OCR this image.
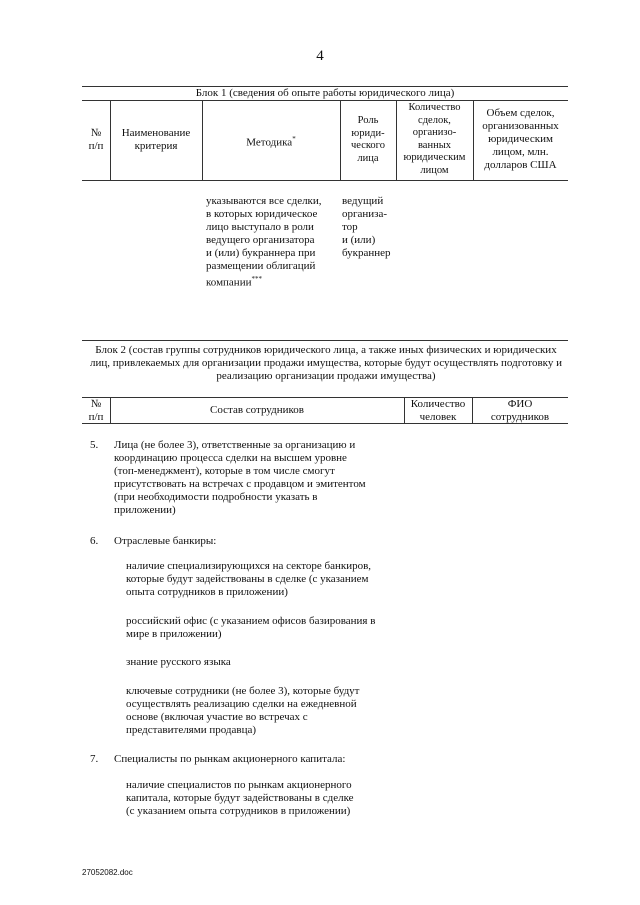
4
Блок 1 (сведения об опыте работы юридического лица)
№
п/п
Наименование
критерия	Методика*
Роль
юриди-
ческого
лица
Количество
сделок,
организо-
ванных
юридическим
лицом
Объем сделок,
организованных
юридическим
лицом, млн.
долларов США
указываются все сделки,
в которых юридическое
лицо выступало в роли
ведущего организатора
и (или) букраннера при
размещении облигаций
компании***
ведущий
организа-
тор
и (или)
букраннер
Блок 2 (состав группы сотрудников юридического лица, а также иных физических и юридических лиц, привлекаемых для организации продажи имущества, которые будут осуществлять подготовку и реализацию организации продажи имущества)
№
п/п
Состав сотрудников	Количество
человек
ФИО
сотрудников
5. Лица (не более 3), ответственные за организацию и
координацию процесса сделки на высшем уровне
(топ-менеджмент), которые в том числе смогут
присутствовать на встречах с продавцом и эмитентом
(при необходимости подробности указать в
приложении)
6. Отраслевые банкиры:
наличие специализирующихся на секторе банкиров,
которые будут задействованы в сделке (с указанием
опыта сотрудников в приложении)
российский офис (с указанием офисов базирования в
мире в приложении)
знание русского языка
ключевые сотрудники (не более 3), которые будут
осуществлять реализацию сделки на ежедневной
основе (включая участие во встречах с
представителями продавца)
7. Специалисты по рынкам акционерного капитала:
наличие специалистов по рынкам акционерного
капитала, которые будут задействованы в сделке
(с указанием опыта сотрудников в приложении)
27052082.doc
